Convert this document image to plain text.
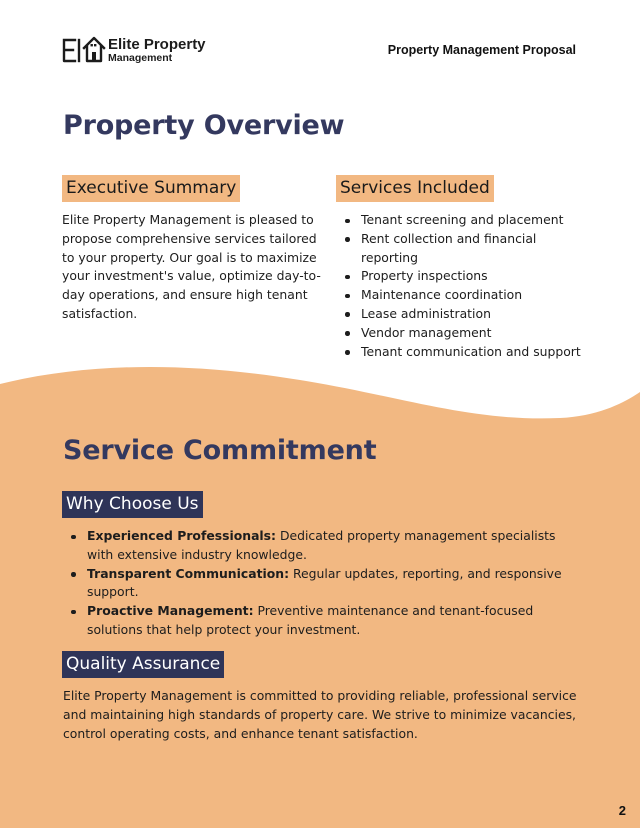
Elite Property
Management
Property Management Proposal
Property Overview
Executive Summary
Elite Property Management is pleased to propose comprehensive services tailored to your property. Our goal is to maximize your investment's value, optimize day-to-day operations, and ensure high tenant satisfaction.
Services Included
Tenant screening and placement
Rent collection and financial reporting
Property inspections
Maintenance coordination
Lease administration
Vendor management
Tenant communication and support
Service Commitment
Why Choose Us
Experienced Professionals: Dedicated property management specialists with extensive industry knowledge.
Transparent Communication: Regular updates, reporting, and responsive support.
Proactive Management: Preventive maintenance and tenant-focused solutions that help protect your investment.
Quality Assurance
Elite Property Management is committed to providing reliable, professional service and maintaining high standards of property care. We strive to minimize vacancies, control operating costs, and enhance tenant satisfaction.
2
